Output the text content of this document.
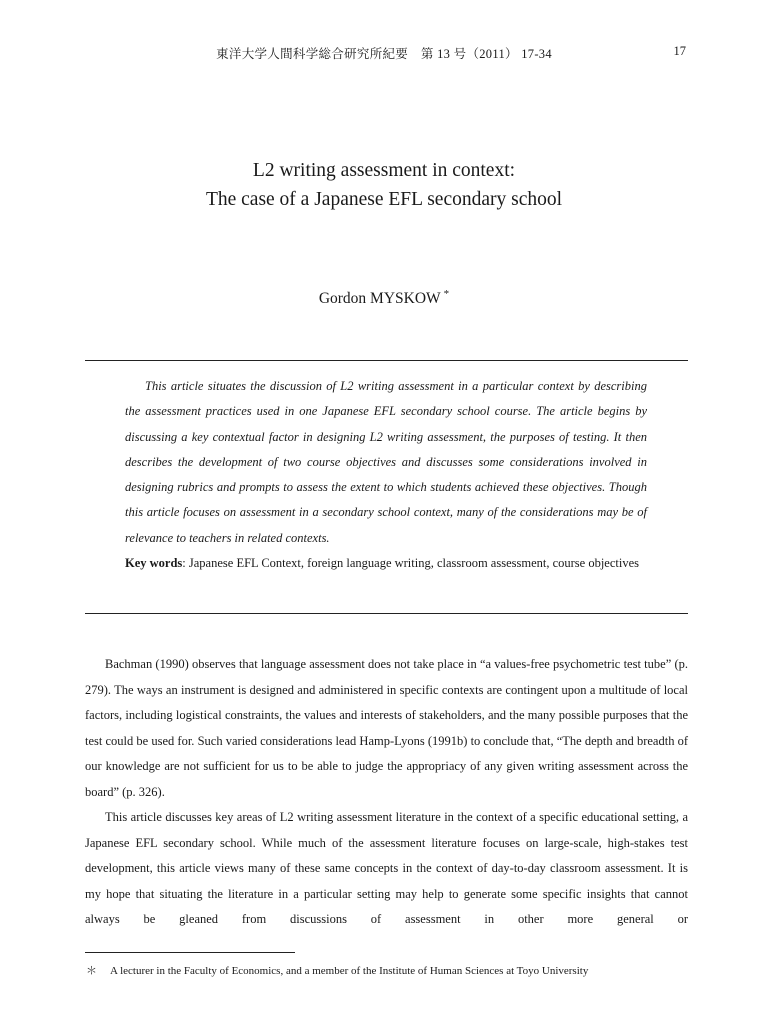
東洋大学人間科学総合研究所紀要　第 13 号（2011） 17-34	17
L2 writing assessment in context:
The case of a Japanese EFL secondary school
Gordon MYSKOW *

This article situates the discussion of L2 writing assessment in a particular context by describing the assessment practices used in one Japanese EFL secondary school course. The article begins by discussing a key contextual factor in designing L2 writing assessment, the purposes of testing. It then describes the development of two course objectives and discusses some considerations involved in designing rubrics and prompts to assess the extent to which students achieved these objectives. Though this article focuses on assessment in a secondary school context, many of the considerations may be of relevance to teachers in related contexts.

Key words: Japanese EFL Context, foreign language writing, classroom assessment, course objectives

Bachman (1990) observes that language assessment does not take place in “a values-free psychometric test tube” (p. 279). The ways an instrument is designed and administered in specific contexts are contingent upon a multitude of local factors, including logistical constraints, the values and interests of stakeholders, and the many possible purposes that the test could be used for. Such varied considerations lead Hamp-Lyons (1991b) to conclude that, “The depth and breadth of our knowledge are not sufficient for us to be able to judge the appropriacy of any given writing assessment across the board” (p. 326).

This article discusses key areas of L2 writing assessment literature in the context of a specific educational setting, a Japanese EFL secondary school. While much of the assessment literature focuses on large-scale, high-stakes test development, this article views many of these same concepts in the context of day-to-day classroom assessment. It is my hope that situating the literature in a particular setting may help to generate some specific insights that cannot always be gleaned from discussions of assessment in other more general or

＊ A lecturer in the Faculty of Economics, and a member of the Institute of Human Sciences at Toyo University
